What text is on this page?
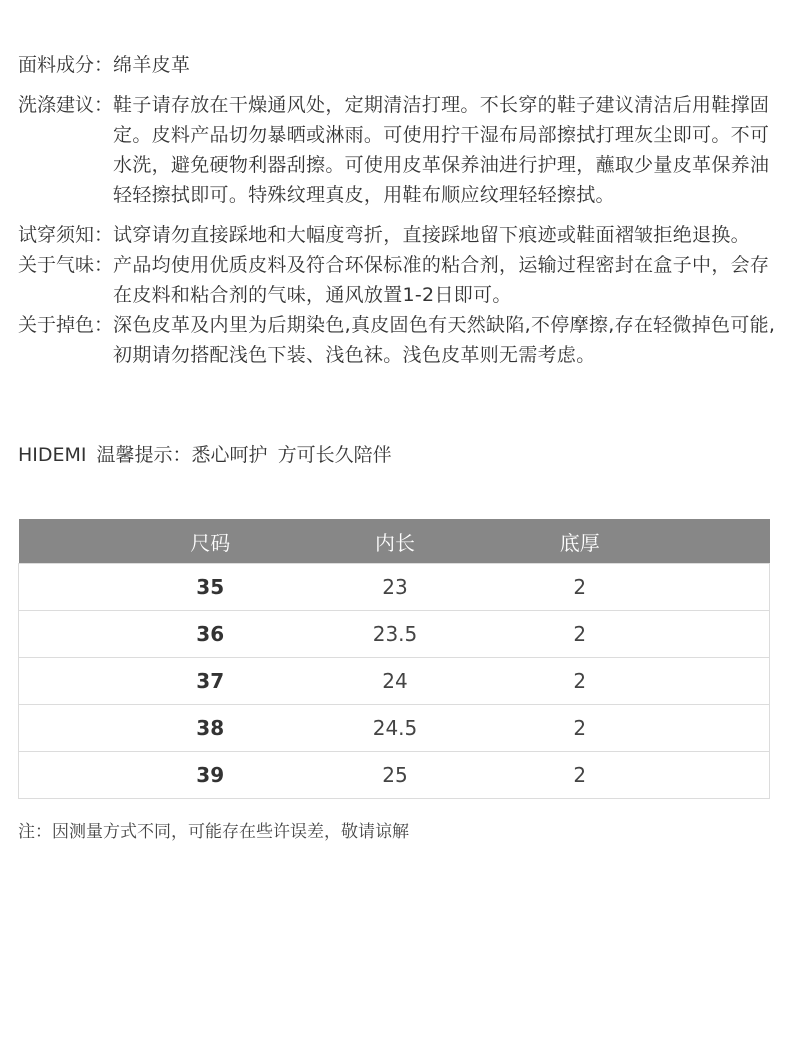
面料成分： 绵羊皮革
洗涤建议： 鞋子请存放在干燥通风处，定期清洁打理。不长穿的鞋子建议清洁后用鞋撑固定。皮料产品切勿暴晒或淋雨。可使用拧干湿布局部擦拭打理灰尘即可。不可水洗，避免硬物利器刮擦。可使用皮革保养油进行护理，蘸取少量皮革保养油轻轻擦拭即可。特殊纹理真皮，用鞋布顺应纹理轻轻擦拭。
试穿须知： 试穿请勿直接踩地和大幅度弯折，直接踩地留下痕迹或鞋面褶皱拒绝退换。
关于气味： 产品均使用优质皮料及符合环保标准的粘合剂，运输过程密封在盒子中，会存在皮料和粘合剂的气味，通风放置1-2日即可。
关于掉色： 深色皮革及内里为后期染色,真皮固色有天然缺陷,不停摩擦,存在轻微掉色可能,初期请勿搭配浅色下装、浅色袜。浅色皮革则无需考虑。
HIDEMI 温馨提示：悉心呵护 方可长久陪伴
	尺码	内长	底厚	
	35	23	2	
	36	23.5	2	
	37	24	2	
	38	24.5	2	
	39	25	2	
注：因测量方式不同，可能存在些许误差，敬请谅解
